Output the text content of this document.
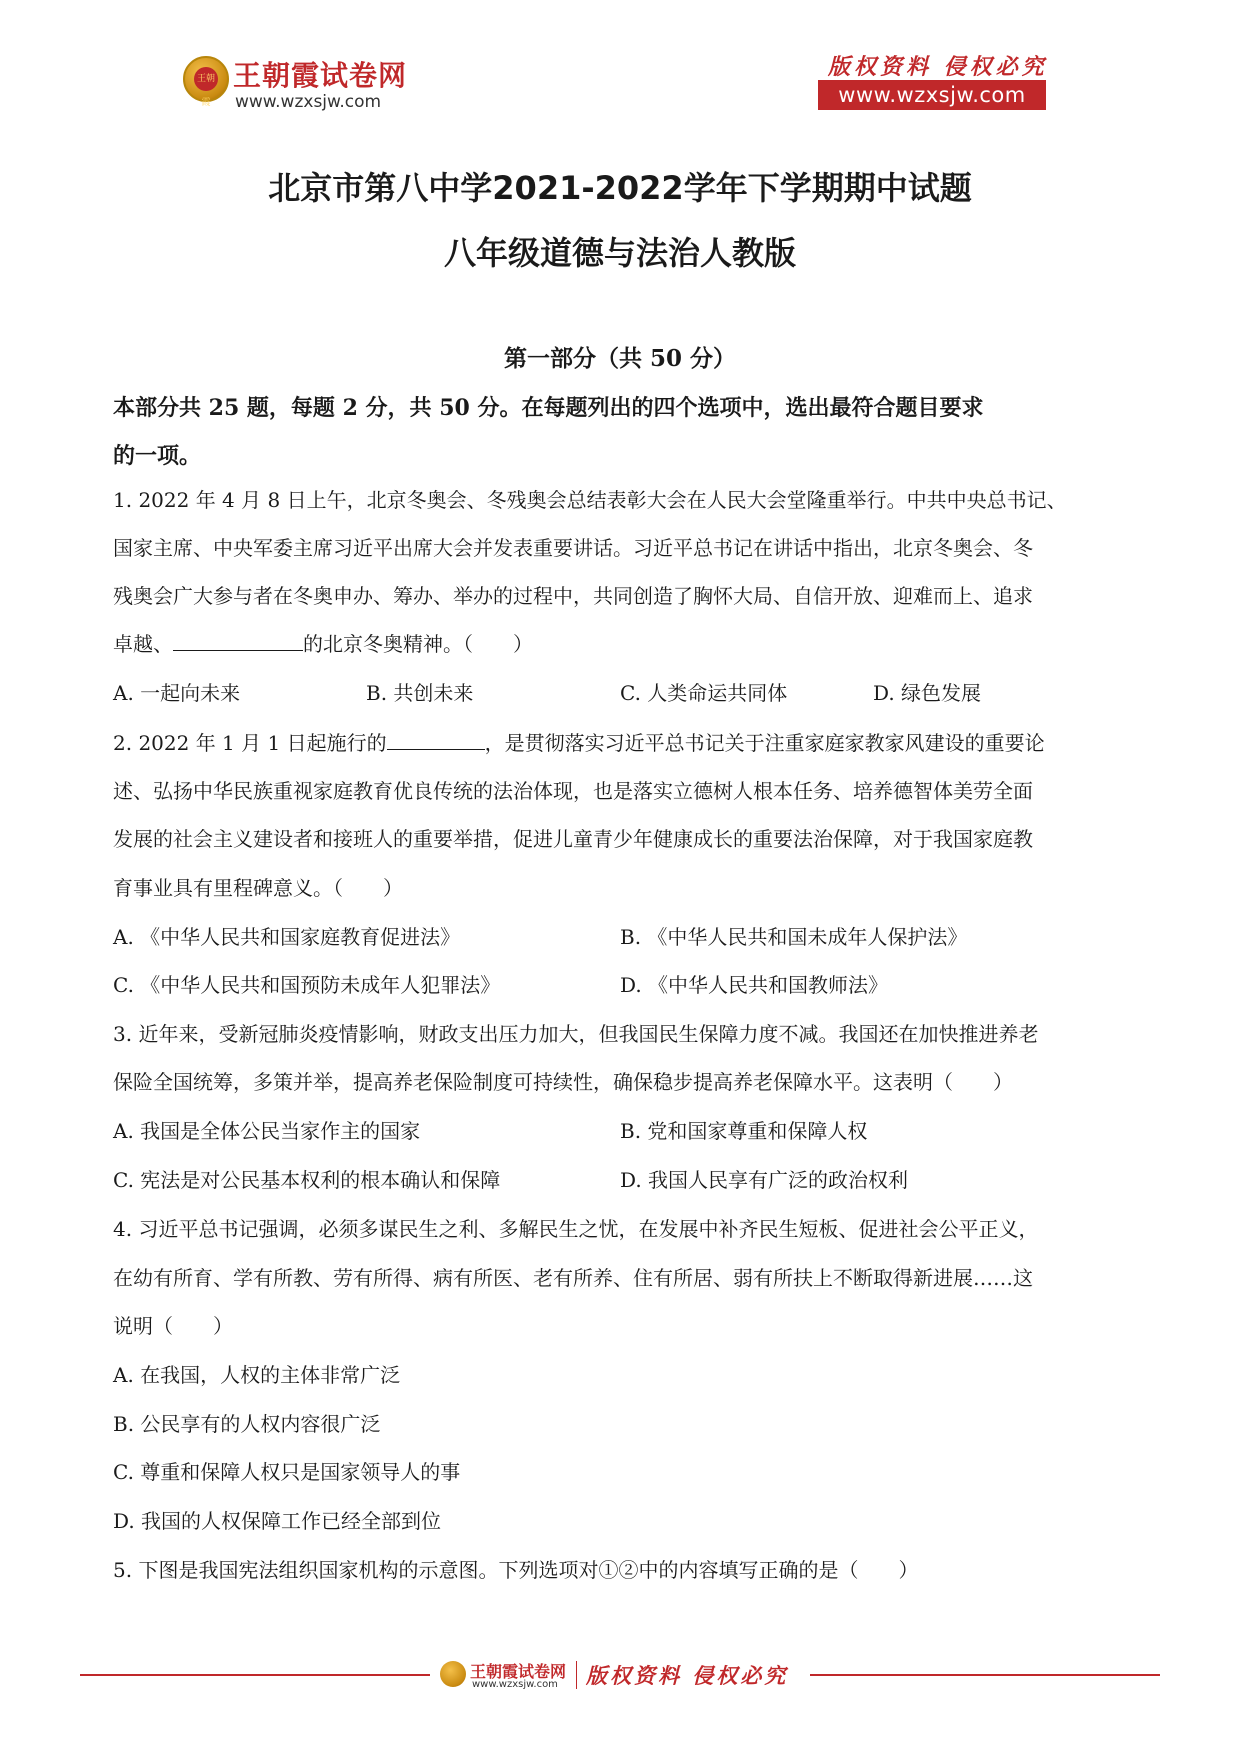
王朝霞
王朝霞试卷网
www.wzxsjw.com
版权资料 侵权必究
www.wzxsjw.com
北京市第八中学2021-2022学年下学期期中试题
八年级道德与法治人教版
第一部分（共 50 分）
本部分共 25 题，每题 2 分，共 50 分。在每题列出的四个选项中，选出最符合题目要求
的一项。
1. 2022 年 4 月 8 日上午，北京冬奥会、冬残奥会总结表彰大会在人民大会堂隆重举行。中共中央总书记、
国家主席、中央军委主席习近平出席大会并发表重要讲话。习近平总书记在讲话中指出，北京冬奥会、冬
残奥会广大参与者在冬奥申办、筹办、举办的过程中，共同创造了胸怀大局、自信开放、迎难而上、追求
卓越、	的北京冬奥精神。（　　）
A. 一起向未来	B. 共创未来	C. 人类命运共同体	D. 绿色发展
2. 2022 年 1 月 1 日起施行的	，是贯彻落实习近平总书记关于注重家庭家教家风建设的重要论
述、弘扬中华民族重视家庭教育优良传统的法治体现，也是落实立德树人根本任务、培养德智体美劳全面
发展的社会主义建设者和接班人的重要举措，促进儿童青少年健康成长的重要法治保障，对于我国家庭教
育事业具有里程碑意义。（　　）
A. 《中华人民共和国家庭教育促进法》	B. 《中华人民共和国未成年人保护法》
C. 《中华人民共和国预防未成年人犯罪法》	D. 《中华人民共和国教师法》
3. 近年来，受新冠肺炎疫情影响，财政支出压力加大，但我国民生保障力度不减。我国还在加快推进养老
保险全国统筹，多策并举，提高养老保险制度可持续性，确保稳步提高养老保障水平。这表明（　　）
A. 我国是全体公民当家作主的国家	B. 党和国家尊重和保障人权
C. 宪法是对公民基本权利的根本确认和保障	D. 我国人民享有广泛的政治权利
4. 习近平总书记强调，必须多谋民生之利、多解民生之忧，在发展中补齐民生短板、促进社会公平正义，
在幼有所育、学有所教、劳有所得、病有所医、老有所养、住有所居、弱有所扶上不断取得新进展……这
说明（　　）
A. 在我国，人权的主体非常广泛
B. 公民享有的人权内容很广泛
C. 尊重和保障人权只是国家领导人的事
D. 我国的人权保障工作已经全部到位
5. 下图是我国宪法组织国家机构的示意图。下列选项对①②中的内容填写正确的是（　　）
王朝霞试卷网
www.wzxsjw.com 版权资料 侵权必究
